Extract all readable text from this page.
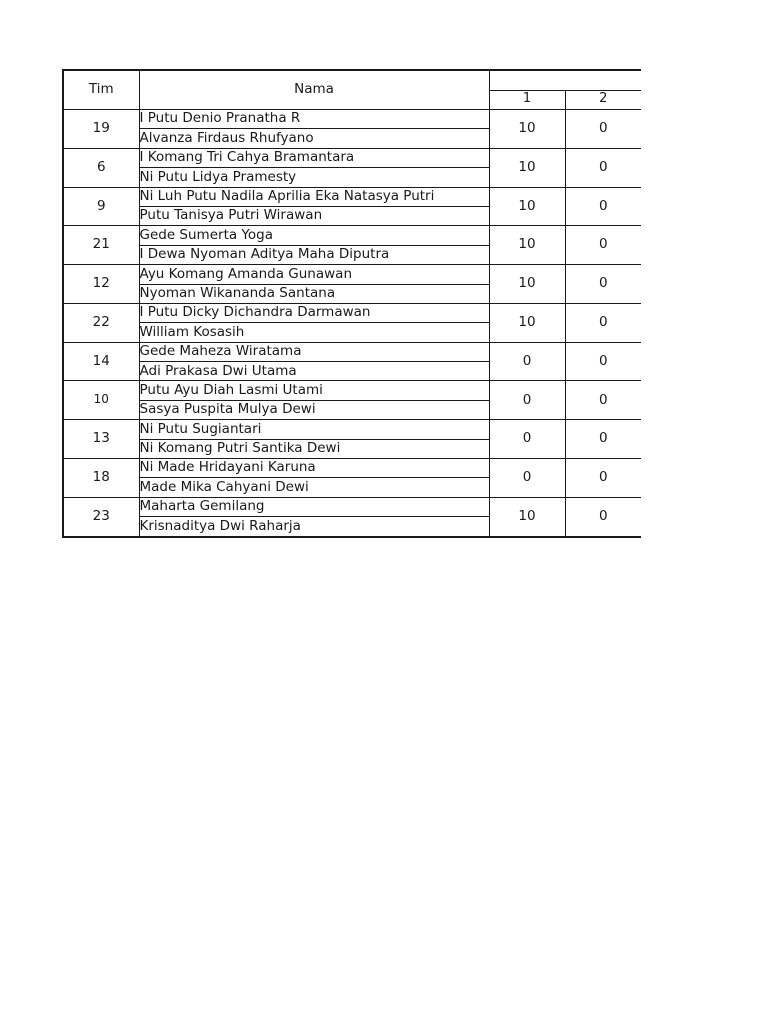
Tim	Nama		
		1	2
19	I Putu Denio Pranatha R	10	0
	Alvanza Firdaus Rhufyano		
6	I Komang Tri Cahya Bramantara	10	0
	Ni Putu Lidya Pramesty		
9	Ni Luh Putu Nadila Aprilia Eka Natasya Putri	10	0
	Putu Tanisya Putri Wirawan		
21	Gede Sumerta Yoga	10	0
	I Dewa Nyoman Aditya Maha Diputra		
12	Ayu Komang Amanda Gunawan	10	0
	Nyoman Wikananda Santana		
22	I Putu Dicky Dichandra Darmawan	10	0
	William Kosasih		
14	Gede Maheza Wiratama	0	0
	Adi Prakasa Dwi Utama		
10	Putu Ayu Diah Lasmi Utami	0	0
	Sasya Puspita Mulya Dewi		
13	Ni Putu Sugiantari	0	0
	Ni Komang Putri Santika Dewi		
18	Ni Made Hridayani Karuna	0	0
	Made Mika Cahyani Dewi		
23	Maharta Gemilang	10	0
	Krisnaditya Dwi Raharja		
